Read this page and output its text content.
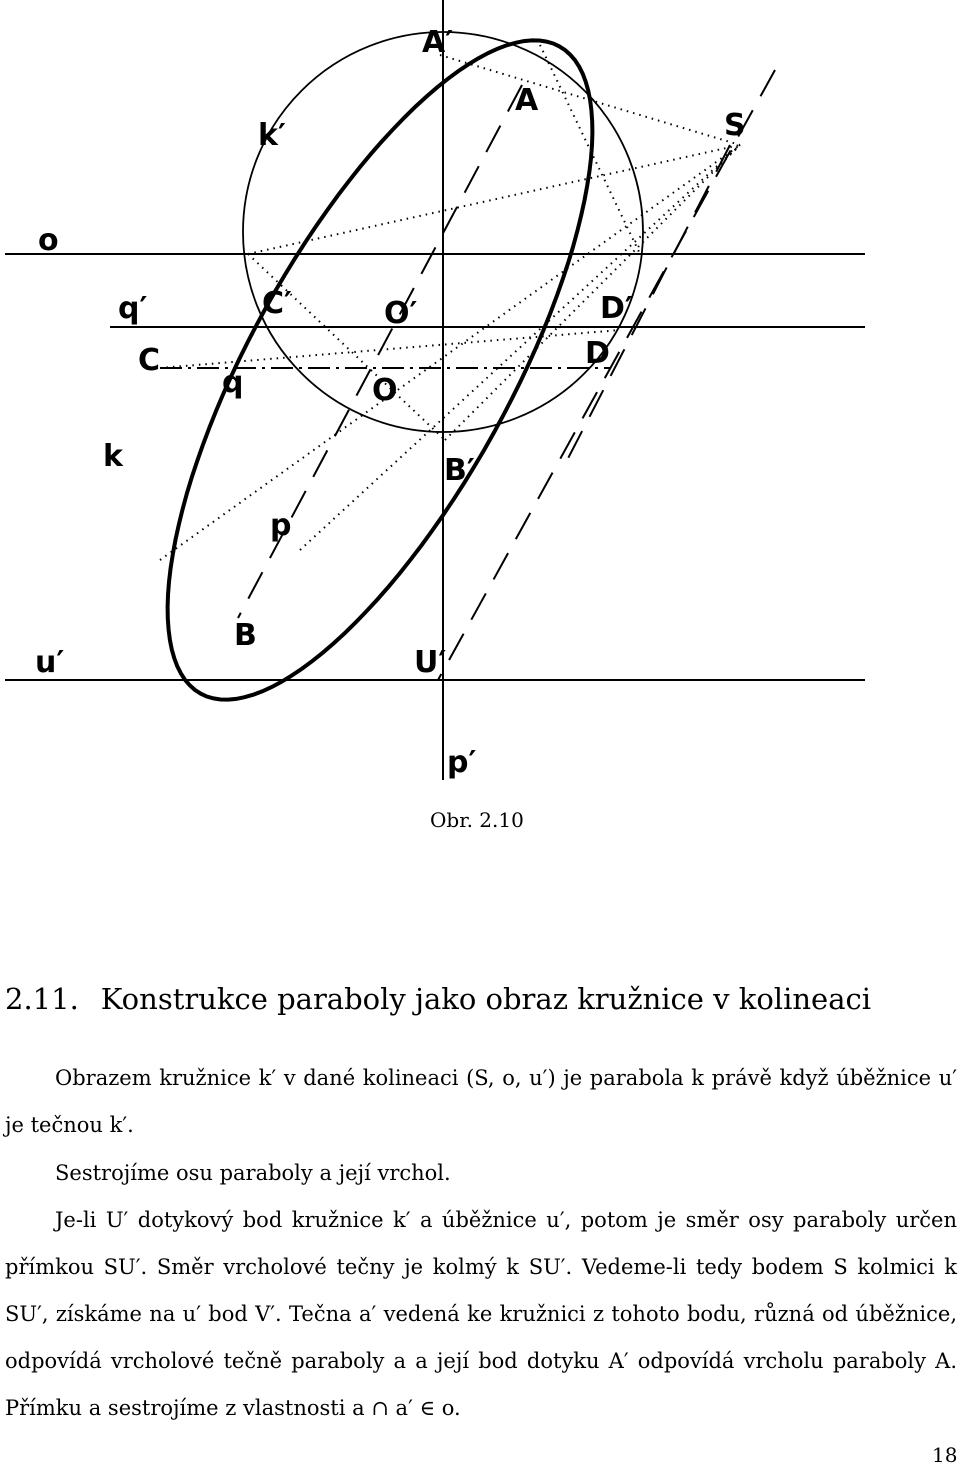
A′
A
k′	S
o
q′	C′	O′	D′
C
q	O
D
k	B′
p
B
u′	U′
p′
Obr. 2.10
2.11. Konstrukce paraboly jako obraz kružnice v kolineaci
Obrazem kružnice k′ v dané kolineaci (S, o, u′) je parabola k právě když úběžnice u′ je tečnou k′.
Sestrojíme osu paraboly a její vrchol.
Je-li U′ dotykový bod kružnice k′ a úběžnice u′, potom je směr osy paraboly určen přímkou SU′. Směr vrcholové tečny je kolmý k SU′. Vedeme-li tedy bodem S kolmici k SU′, získáme na u′ bod V′. Tečna a′ vedená ke kružnici z tohoto bodu, různá od úběžnice, odpovídá vrcholové tečně paraboly a a její bod dotyku A′ odpovídá vrcholu paraboly A. Přímku a sestrojíme z vlastnosti a ∩ a′ ∈ o.
18
